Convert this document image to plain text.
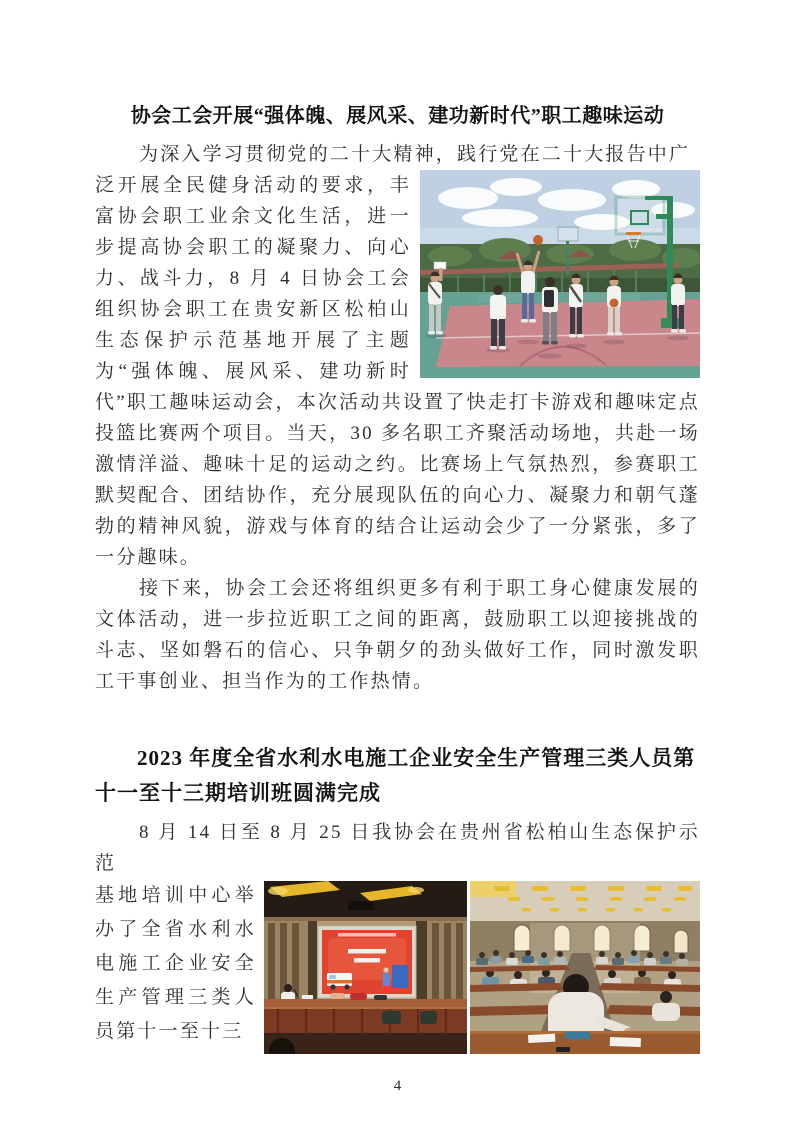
协会工会开展“强体魄、展风采、建功新时代”职工趣味运动
为深入学习贯彻党的二十大精神，践行党在二十大报告中广
泛开展全民健身活动的要求，丰富协会职工业余文化生活，进一步提高协会职工的凝聚力、向心力、战斗力，8 月 4 日协会工会组织协会职工在贵安新区松柏山生态保护示范基地开展了主题为“强体魄、展风采、建功新时代”职工趣味运动会，本次活动共设置了快走打卡游戏和趣味定点投篮比赛两个项目。当天，30 多名职工齐聚活动场地，共赴一场激情洋溢、趣味十足的运动之约。比赛场上气氛热烈，参赛职工默契配合、团结协作，充分展现队伍的向心力、凝聚力和朝气蓬勃的精神风貌，游戏与体育的结合让运动会少了一分紧张，多了一分趣味。
接下来，协会工会还将组织更多有利于职工身心健康发展的文体活动，进一步拉近职工之间的距离，鼓励职工以迎接挑战的斗志、坚如磐石的信心、只争朝夕的劲头做好工作，同时激发职工干事创业、担当作为的工作热情。
2023 年度全省水利水电施工企业安全生产管理三类人员第
十一至十三期培训班圆满完成
8 月 14 日至 8 月 25 日我协会在贵州省松柏山生态保护示范
基地培训中心举办了全省水利水电施工企业安全生产管理三类人员第十一至十三
4
